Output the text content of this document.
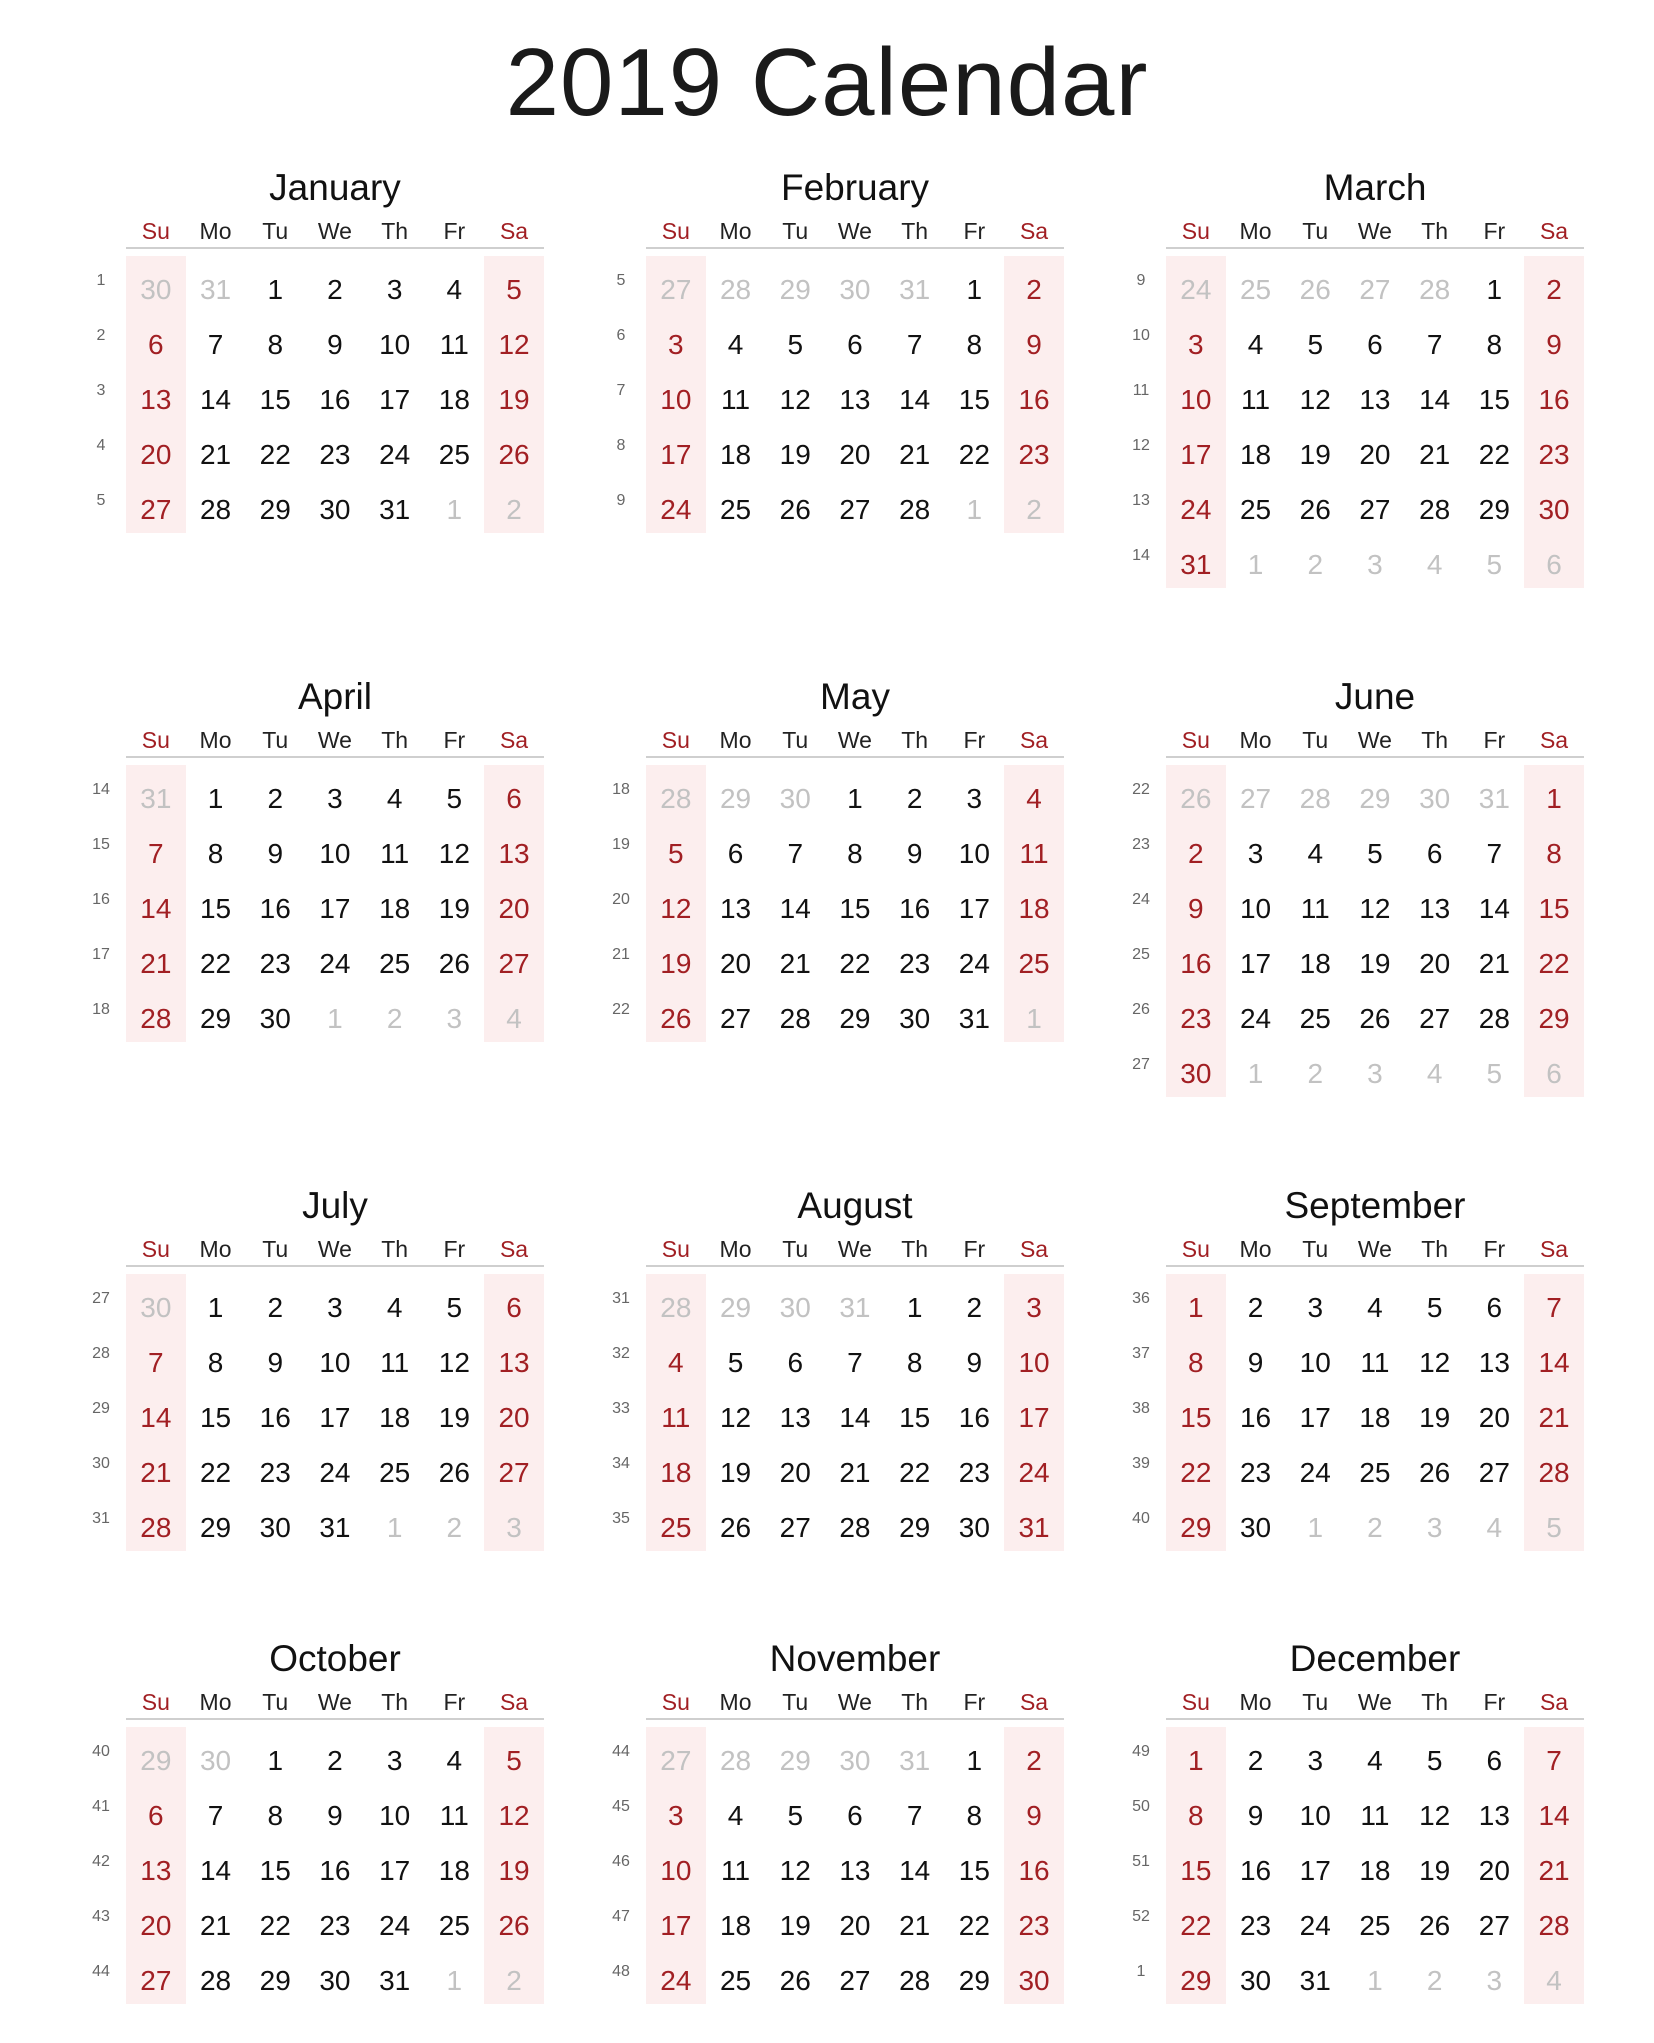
2019 Calendar
January
Su	Mo	Tu	We	Th	Fr	Sa
1	30	31	1	2	3	4	5
2	6	7	8	9	10	11	12
3	13	14	15	16	17	18	19
4	20	21	22	23	24	25	26
5	27	28	29	30	31	1	2
February
Su	Mo	Tu	We	Th	Fr	Sa
5	27	28	29	30	31	1	2
6	3	4	5	6	7	8	9
7	10	11	12	13	14	15	16
8	17	18	19	20	21	22	23
9	24	25	26	27	28	1	2
March
Su	Mo	Tu	We	Th	Fr	Sa
9	24	25	26	27	28	1	2
10	3	4	5	6	7	8	9
11	10	11	12	13	14	15	16
12	17	18	19	20	21	22	23
13	24	25	26	27	28	29	30
14	31	1	2	3	4	5	6
April
Su	Mo	Tu	We	Th	Fr	Sa
14	31	1	2	3	4	5	6
15	7	8	9	10	11	12	13
16	14	15	16	17	18	19	20
17	21	22	23	24	25	26	27
18	28	29	30	1	2	3	4
May
Su	Mo	Tu	We	Th	Fr	Sa
18	28	29	30	1	2	3	4
19	5	6	7	8	9	10	11
20	12	13	14	15	16	17	18
21	19	20	21	22	23	24	25
22	26	27	28	29	30	31	1
June
Su	Mo	Tu	We	Th	Fr	Sa
22	26	27	28	29	30	31	1
23	2	3	4	5	6	7	8
24	9	10	11	12	13	14	15
25	16	17	18	19	20	21	22
26	23	24	25	26	27	28	29
27	30	1	2	3	4	5	6
July
Su	Mo	Tu	We	Th	Fr	Sa
27	30	1	2	3	4	5	6
28	7	8	9	10	11	12	13
29	14	15	16	17	18	19	20
30	21	22	23	24	25	26	27
31	28	29	30	31	1	2	3
August
Su	Mo	Tu	We	Th	Fr	Sa
31	28	29	30	31	1	2	3
32	4	5	6	7	8	9	10
33	11	12	13	14	15	16	17
34	18	19	20	21	22	23	24
35	25	26	27	28	29	30	31
September
Su	Mo	Tu	We	Th	Fr	Sa
36	1	2	3	4	5	6	7
37	8	9	10	11	12	13	14
38	15	16	17	18	19	20	21
39	22	23	24	25	26	27	28
40	29	30	1	2	3	4	5
October
Su	Mo	Tu	We	Th	Fr	Sa
40	29	30	1	2	3	4	5
41	6	7	8	9	10	11	12
42	13	14	15	16	17	18	19
43	20	21	22	23	24	25	26
44	27	28	29	30	31	1	2
November
Su	Mo	Tu	We	Th	Fr	Sa
44	27	28	29	30	31	1	2
45	3	4	5	6	7	8	9
46	10	11	12	13	14	15	16
47	17	18	19	20	21	22	23
48	24	25	26	27	28	29	30
December
Su	Mo	Tu	We	Th	Fr	Sa
49	1	2	3	4	5	6	7
50	8	9	10	11	12	13	14
51	15	16	17	18	19	20	21
52	22	23	24	25	26	27	28
1	29	30	31	1	2	3	4
